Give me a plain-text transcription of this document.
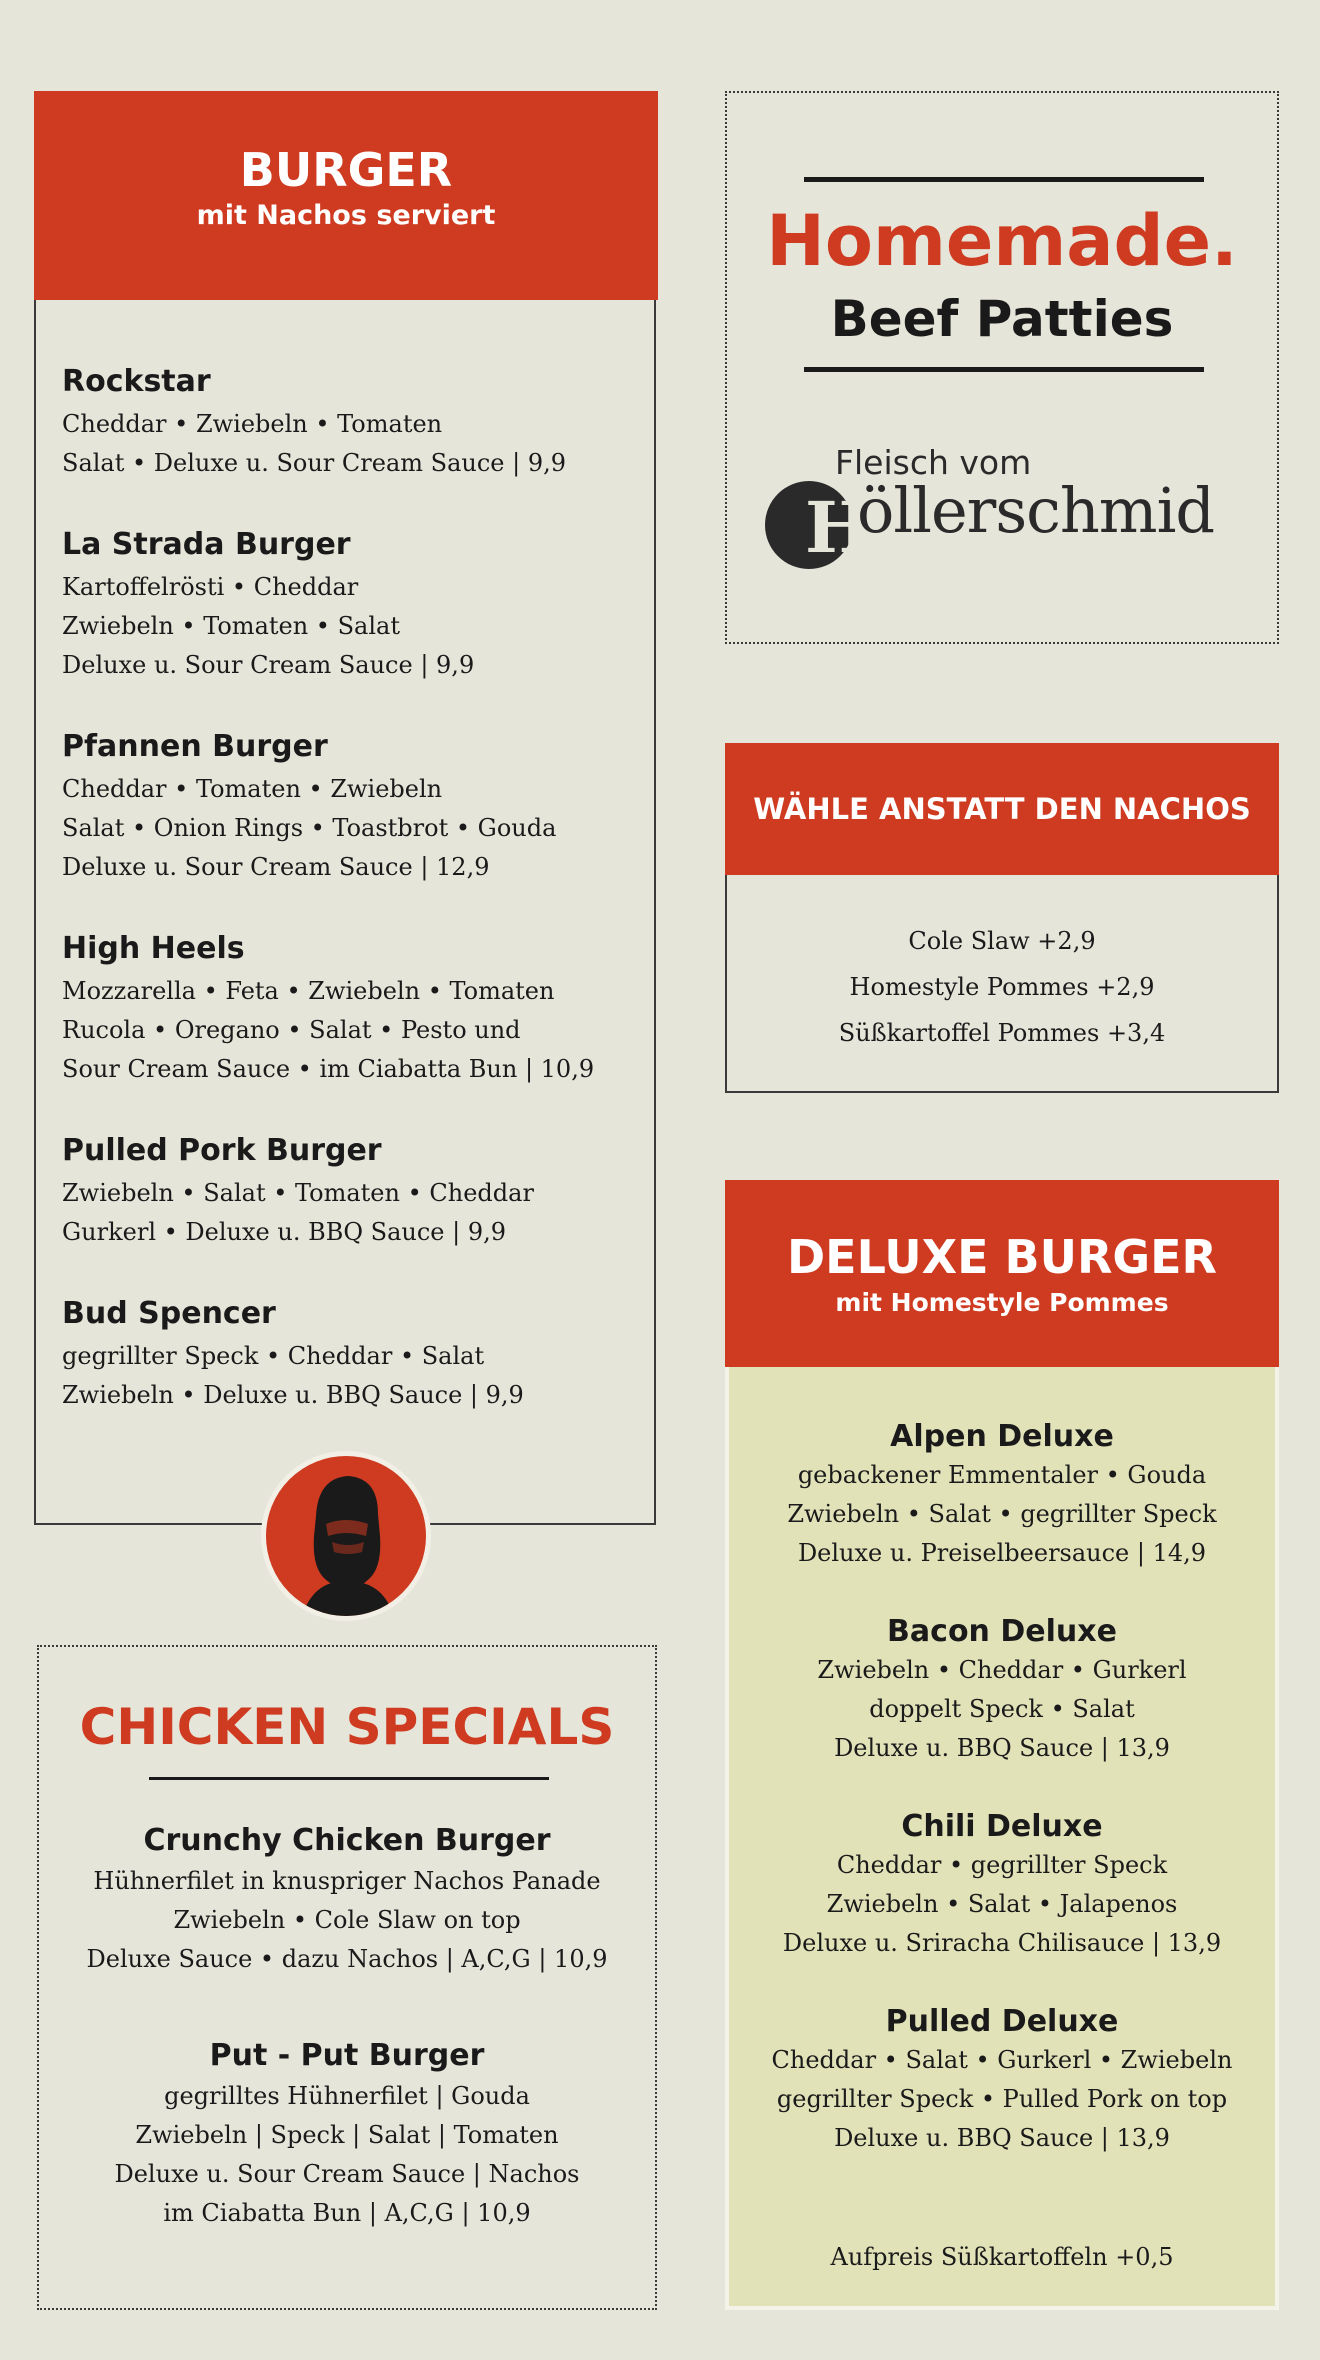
BURGER
mit Nachos serviert
Rockstar
Cheddar • Zwiebeln • Tomaten
Salat • Deluxe u. Sour Cream Sauce | 9,9
La Strada Burger
Kartoffelrösti • Cheddar
Zwiebeln • Tomaten • Salat
Deluxe u. Sour Cream Sauce | 9,9
Pfannen Burger
Cheddar • Tomaten • Zwiebeln
Salat • Onion Rings • Toastbrot • Gouda
Deluxe u. Sour Cream Sauce | 12,9
High Heels
Mozzarella • Feta • Zwiebeln • Tomaten
Rucola • Oregano • Salat • Pesto und
Sour Cream Sauce • im Ciabatta Bun | 10,9
Pulled Pork Burger
Zwiebeln • Salat • Tomaten • Cheddar
Gurkerl • Deluxe u. BBQ Sauce | 9,9
Bud Spencer
gegrillter Speck • Cheddar • Salat
Zwiebeln • Deluxe u. BBQ Sauce | 9,9
CHICKEN SPECIALS
Crunchy Chicken Burger
Hühnerfilet in knuspriger Nachos Panade
Zwiebeln • Cole Slaw on top
Deluxe Sauce • dazu Nachos | A,C,G | 10,9
Put - Put Burger
gegrilltes Hühnerfilet | Gouda
Zwiebeln | Speck | Salat | Tomaten
Deluxe u. Sour Cream Sauce | Nachos
im Ciabatta Bun | A,C,G | 10,9
Homemade.
Beef Patties
H
Fleisch vom
öllerschmid
WÄHLE ANSTATT DEN NACHOS
Cole Slaw +2,9
Homestyle Pommes +2,9
Süßkartoffel Pommes +3,4
DELUXE BURGER
mit Homestyle Pommes
Alpen Deluxe
gebackener Emmentaler • Gouda
Zwiebeln • Salat • gegrillter Speck
Deluxe u. Preiselbeersauce | 14,9
Bacon Deluxe
Zwiebeln • Cheddar • Gurkerl
doppelt Speck • Salat
Deluxe u. BBQ Sauce | 13,9
Chili Deluxe
Cheddar • gegrillter Speck
Zwiebeln • Salat • Jalapenos
Deluxe u. Sriracha Chilisauce | 13,9
Pulled Deluxe
Cheddar • Salat • Gurkerl • Zwiebeln
gegrillter Speck • Pulled Pork on top
Deluxe u. BBQ Sauce | 13,9
Aufpreis Süßkartoffeln +0,5
